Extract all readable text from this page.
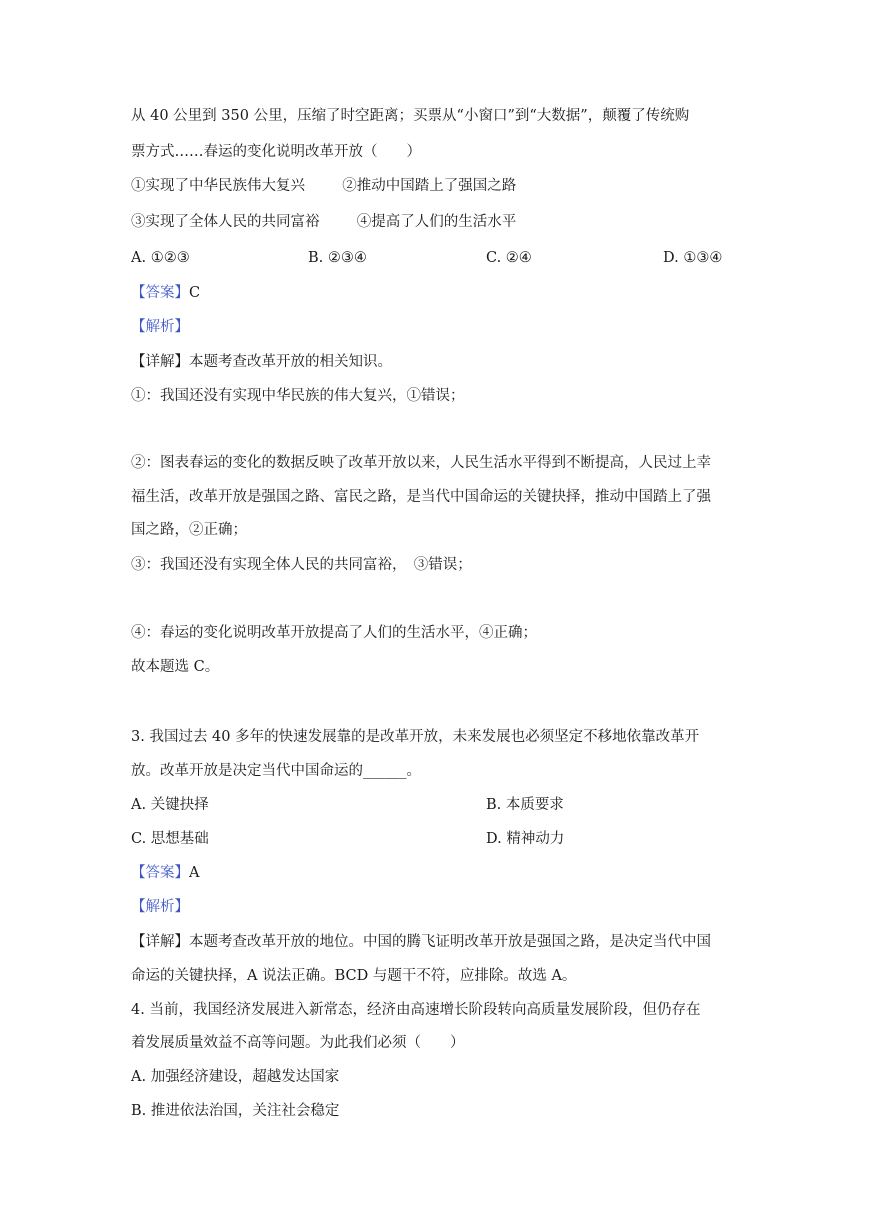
从 40 公里到 350 公里，压缩了时空距离；买票从“小窗口”到“大数据”，颠覆了传统购
票方式……春运的变化说明改革开放（　　）
①实现了中华民族伟大复兴	②推动中国踏上了强国之路
③实现了全体人民的共同富裕	④提高了人们的生活水平
A. ①②③	B. ②③④	C. ②④	D. ①③④
【答案】C
【解析】
【详解】本题考查改革开放的相关知识。
①：我国还没有实现中华民族的伟大复兴，①错误；
②：图表春运的变化的数据反映了改革开放以来，人民生活水平得到不断提高，人民过上幸
福生活，改革开放是强国之路、富民之路，是当代中国命运的关键抉择，推动中国踏上了强
国之路，②正确；
③：我国还没有实现全体人民的共同富裕，　③错误；
④：春运的变化说明改革开放提高了人们的生活水平，④正确；
故本题选 C。
3. 我国过去 40 多年的快速发展靠的是改革开放，未来发展也必须坚定不移地依靠改革开
放。改革开放是决定当代中国命运的______。
A. 关键抉择	B. 本质要求
C. 思想基础	D. 精神动力
【答案】A
【解析】
【详解】本题考查改革开放的地位。中国的腾飞证明改革开放是强国之路，是决定当代中国
命运的关键抉择，A 说法正确。BCD 与题干不符，应排除。故选 A。
4. 当前，我国经济发展进入新常态，经济由高速增长阶段转向高质量发展阶段，但仍存在
着发展质量效益不高等问题。为此我们必须（　　）
A. 加强经济建设，超越发达国家
B. 推进依法治国，关注社会稳定
